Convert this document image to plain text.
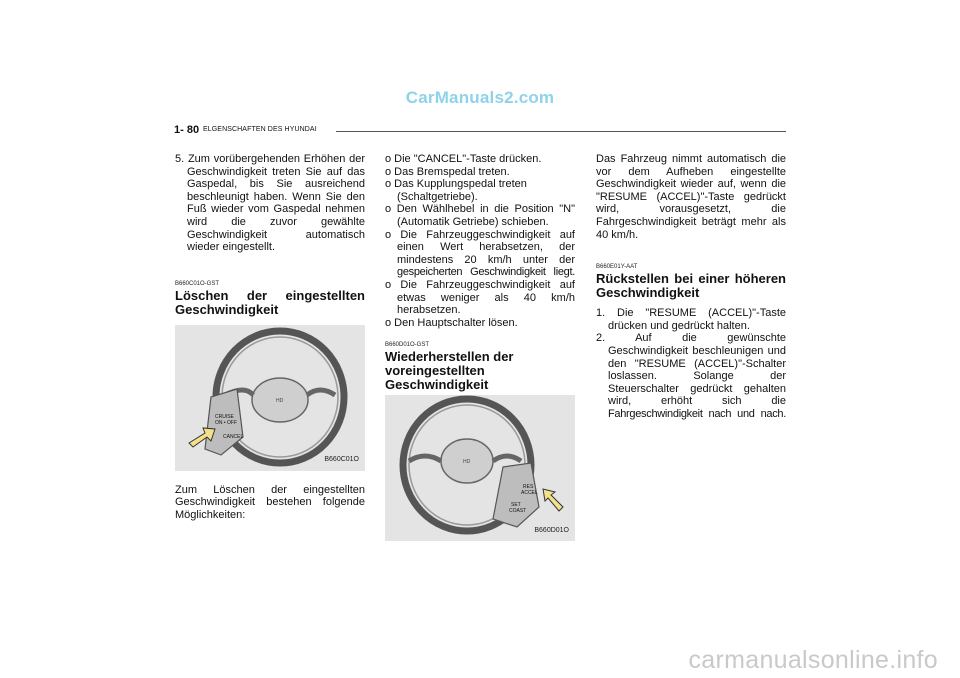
CarManuals2.com
1- 80 ELGENSCHAFTEN DES HYUNDAI

5. Zum vorübergehenden Erhöhen der

Geschwindigkeit treten Sie auf das

Gaspedal, bis Sie ausreichend

beschleunigt haben. Wenn Sie den

Fuß wieder vom Gaspedal nehmen

wird die zuvor gewählte

Geschwindigkeit automatisch

wieder eingestellt.

B660C01O-GST
Löschen der eingestellten
Geschwindigkeit
HD
CRUISE
ON • OFF
CANCEL
B660C01O

Zum Löschen der eingestellten

Geschwindigkeit bestehen folgende

Möglichkeiten:

o Die "CANCEL"-Taste drücken.

o Das Bremspedal treten.

o Das Kupplungspedal treten

(Schaltgetriebe).

o Den Wählhebel in die Position "N"

(Automatik Getriebe) schieben.

o Die Fahrzeuggeschwindigkeit auf

einen Wert herabsetzen, der

mindestens 20 km/h unter der

gespeicherten Geschwindigkeit liegt.

o Die Fahrzeuggeschwindigkeit auf

etwas weniger als 40 km/h

herabsetzen.

o Den Hauptschalter lösen.

B660D01O-GST
Wiederherstellen der
voreingestellten
Geschwindigkeit
HD
RES
ACCEL
SET
COAST
B660D01O

Das Fahrzeug nimmt automatisch die

vor dem Aufheben eingestellte

Geschwindigkeit wieder auf, wenn die

"RESUME (ACCEL)"-Taste gedrückt

wird, vorausgesetzt, die

Fahrgeschwindigkeit beträgt mehr als

40 km/h.

B660E01Y-AAT
Rückstellen bei einer höheren
Geschwindigkeit

1. Die "RESUME (ACCEL)"-Taste

drücken und gedrückt halten.

2. Auf die gewünschte

Geschwindigkeit beschleunigen und

den "RESUME (ACCEL)"-Schalter

loslassen. Solange der

Steuerschalter gedrückt gehalten

wird, erhöht sich die

Fahrgeschwindigkeit nach und nach.

carmanualsonline.info
